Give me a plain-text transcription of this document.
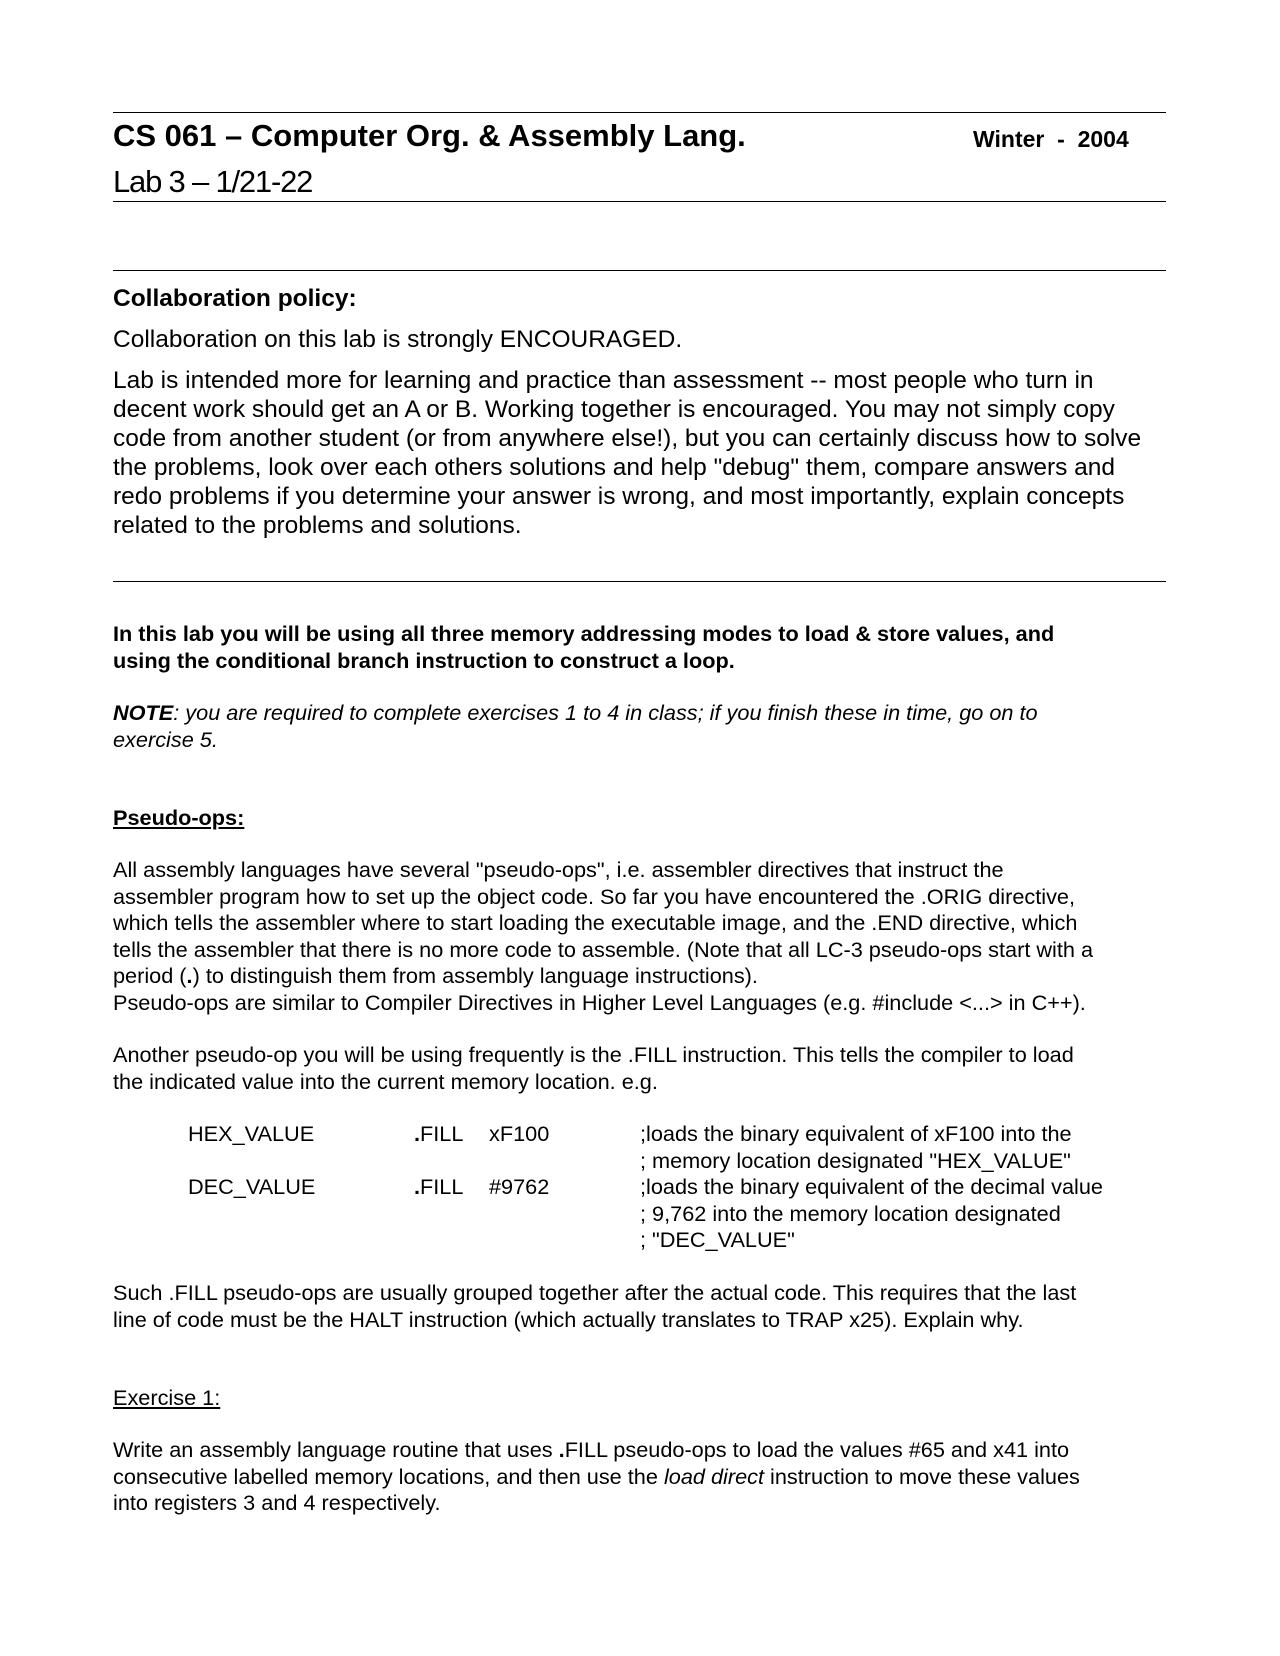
CS 061 – Computer Org. & Assembly Lang.	Winter  -  2004
Lab 3 – 1/21-22
Collaboration policy:
Collaboration on this lab is strongly ENCOURAGED.
Lab is intended more for learning and practice than assessment -- most people who turn in
decent work should get an A or B. Working together is encouraged. You may not simply copy
code from another student (or from anywhere else!), but you can certainly discuss how to solve
the problems, look over each others solutions and help "debug" them, compare answers and
redo problems if you determine your answer is wrong, and most importantly, explain concepts
related to the problems and solutions.
In this lab you will be using all three memory addressing modes to load & store values, and
using the conditional branch instruction to construct a loop.
NOTE: you are required to complete exercises 1 to 4 in class; if you finish these in time, go on to
exercise 5.
Pseudo-ops:
All assembly languages have several "pseudo-ops", i.e. assembler directives that instruct the
assembler program how to set up the object code. So far you have encountered the .ORIG directive,
which tells the assembler where to start loading the executable image, and the .END directive, which
tells the assembler that there is no more code to assemble. (Note that all LC-3 pseudo-ops start with a
period (.) to distinguish them from assembly language instructions).
Pseudo-ops are similar to Compiler Directives in Higher Level Languages (e.g. #include <...> in C++).
Another pseudo-op you will be using frequently is the .FILL instruction. This tells the compiler to load
the indicated value into the current memory location. e.g.
HEX_VALUE	.FILL xF100	;loads the binary equivalent of xF100 into the
; memory location designated "HEX_VALUE"
DEC_VALUE	.FILL #9762	;loads the binary equivalent of the decimal value
; 9,762 into the memory location designated
; "DEC_VALUE"
Such .FILL pseudo-ops are usually grouped together after the actual code. This requires that the last
line of code must be the HALT instruction (which actually translates to TRAP x25). Explain why.
Exercise 1:
Write an assembly language routine that uses .FILL pseudo-ops to load the values #65 and x41 into
consecutive labelled memory locations, and then use the load direct instruction to move these values
into registers 3 and 4 respectively.
